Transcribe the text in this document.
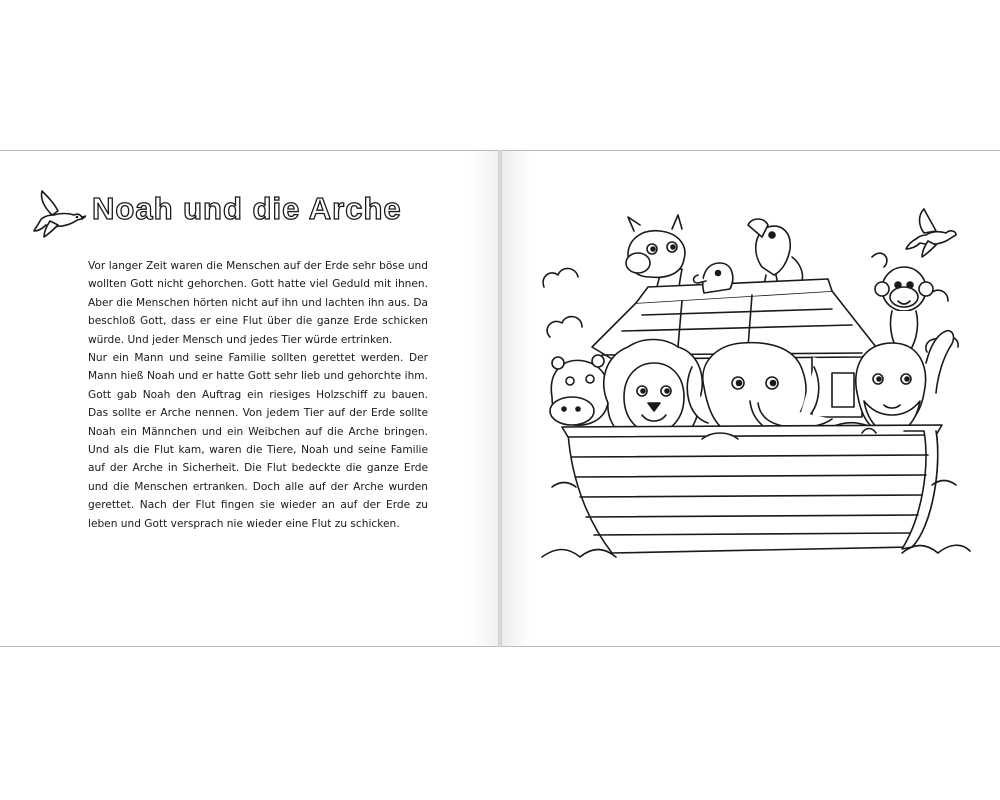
Noah und die Arche

Vor langer Zeit waren die Menschen auf der Erde sehr böse und wollten Gott nicht gehorchen. Gott hatte viel Geduld mit ihnen. Aber die Menschen hörten nicht auf ihn und lachten ihn aus. Da beschloß Gott, dass er eine Flut über die ganze Erde schicken würde. Und jeder Mensch und jedes Tier würde ertrinken.

Nur ein Mann und seine Familie sollten gerettet werden. Der Mann hieß Noah und er hatte Gott sehr lieb und gehorchte ihm. Gott gab Noah den Auftrag ein riesiges Holzschiff zu bauen. Das sollte er Arche nennen. Von jedem Tier auf der Erde sollte Noah ein Männchen und ein Weibchen auf die Arche bringen. Und als die Flut kam, waren die Tiere, Noah und seine Familie auf der Arche in Sicherheit. Die Flut bedeckte die ganze Erde und die Menschen ertranken. Doch alle auf der Arche wurden gerettet. Nach der Flut fingen sie wieder an auf der Erde zu leben und Gott versprach nie wieder eine Flut zu schicken.
